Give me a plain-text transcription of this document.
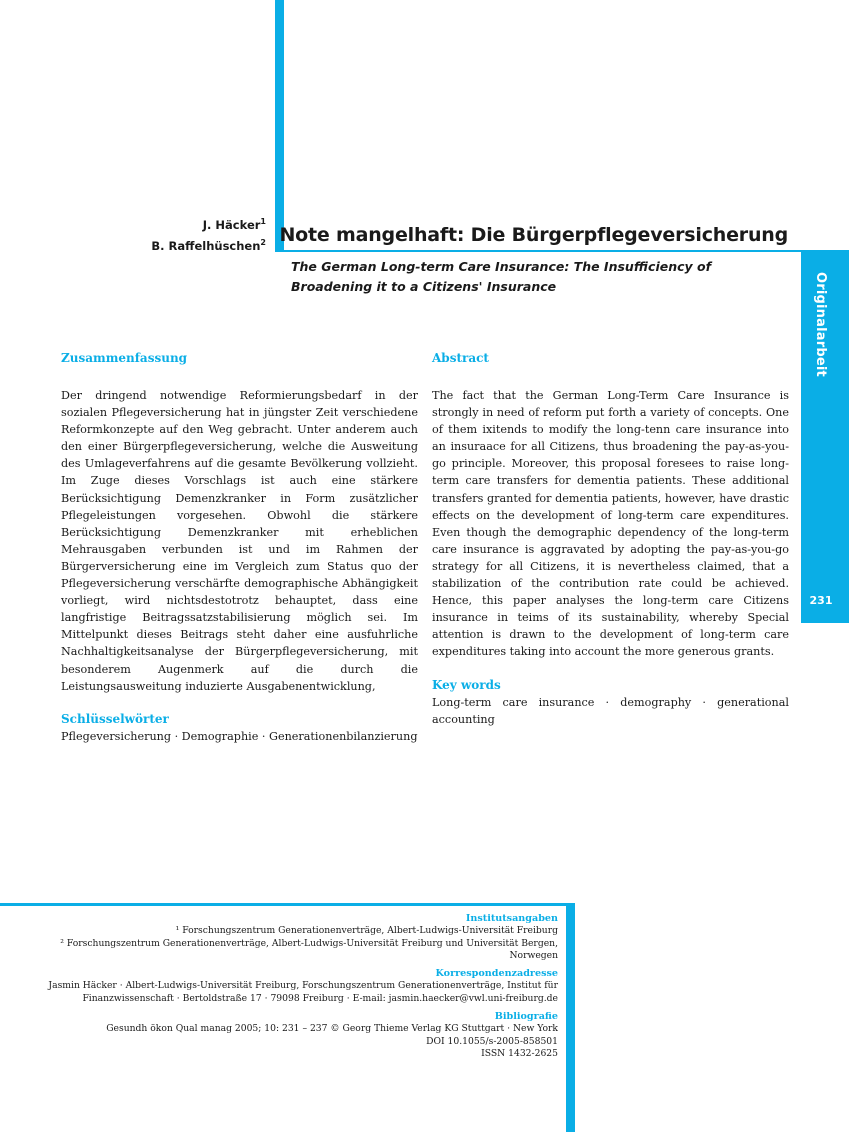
Originalarbeit
231
J. Häcker$^1$
B. Raffelhüschen$^2$ Note mangelhaft: Die Bürgerpflegeversicherung
The German Long-term Care Insurance: The Insufficiency of Broadening it to a Citizens' Insurance

Zusammenfassung

Der dringend notwendige Reformierungsbedarf in der sozialen Pflegeversicherung hat in jüngster Zeit verschiedene Reformkonzepte auf den Weg gebracht. Unter anderem auch den einer Bürgerpflegeversicherung, welche die Ausweitung des Umlageverfahrens auf die gesamte Bevölkerung vollzieht. Im Zuge dieses Vorschlags ist auch eine stärkere Berücksichtigung Demenzkranker in Form zusätzlicher Pflegeleistungen vorgesehen. Obwohl die stärkere Berücksichtigung Demenzkranker mit erheblichen Mehrausgaben verbunden ist und im Rahmen der Bürgerversicherung eine im Vergleich zum Status quo der Pflegeversicherung verschärfte demographische Abhängigkeit vorliegt, wird nichtsdestotrotz behauptet, dass eine langfristige Beitragssatzstabilisierung möglich sei. Im Mittelpunkt dieses Beitrags steht daher eine ausfuhrliche Nachhaltigkeitsanalyse der Bürgerpflegeversicherung, mit besonderem Augenmerk auf die durch die Leistungsausweitung induzierte Ausgabenentwicklung,

Schlüsselwörter

Pflegeversicherung · Demographie · Generationenbilanzierung

Abstract

The fact that the German Long-Term Care Insurance is strongly in need of reform put forth a variety of concepts. One of them ixitends to modify the long-tenn care insurance into an insuraace for all Citizens, thus broadening the pay-as-you-go principle. Moreover, this proposal foresees to raise long-term care transfers for dementia patients. These additional transfers granted for dementia patients, however, have drastic effects on the development of long-term care expenditures. Even though the demographic dependency of the long-term care insurance is aggravated by adopting the pay-as-you-go strategy for all Citizens, it is nevertheless claimed, that a stabilization of the contribution rate could be achieved. Hence, this paper analyses the long-term care Citizens insurance in teims of its sustainability, whereby Special attention is drawn to the development of long-term care expenditures taking into account the more generous grants.

Key words

Long-term care insurance · demography · generational accounting

Institutsangaben
¹ Forschungszentrum Generationenverträge, Albert-Ludwigs-Universität Freiburg
² Forschungszentrum Generationenverträge, Albert-Ludwigs-Universität Freiburg und Universität Bergen, Norwegen
Korrespondenzadresse
Jasmin Häcker · Albert-Ludwigs-Universität Freiburg, Forschungszentrum Generationenverträge, Institut für Finanzwissenschaft · Bertoldstraße 17 · 79098 Freiburg · E-mail: jasmin.haecker@vwl.uni-freiburg.de
Bibliografie
Gesundh ökon Qual manag 2005; 10: 231 – 237 © Georg Thieme Verlag KG Stuttgart · New York
DOI 10.1055/s-2005-858501
ISSN 1432-2625
